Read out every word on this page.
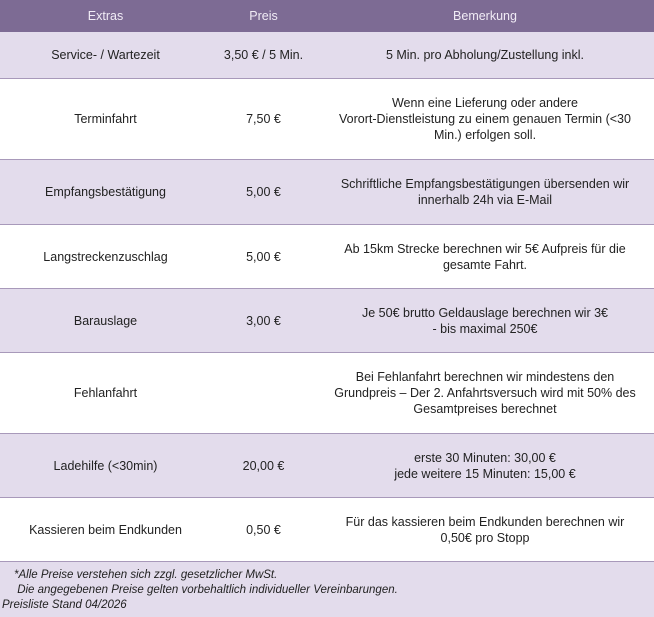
Extras	Preis	Bemerkung
Service- / Wartezeit	3,50 € / 5 Min.	5 Min. pro Abholung/Zustellung inkl.
Terminfahrt	7,50 €	Wenn eine Lieferung oder andere
Vorort-Dienstleistung zu einem genauen Termin (<30
Min.) erfolgen soll.
Empfangsbestätigung	5,00 €	Schriftliche Empfangsbestätigungen übersenden wir
innerhalb 24h via E-Mail
Langstreckenzuschlag	5,00 €	Ab 15km Strecke berechnen wir 5€ Aufpreis für die
gesamte Fahrt.
Barauslage	3,00 €	Je 50€ brutto Geldauslage berechnen wir 3€
- bis maximal 250€
Fehlanfahrt		Bei Fehlanfahrt berechnen wir mindestens den
Grundpreis – Der 2. Anfahrtsversuch wird mit 50% des
Gesamtpreises berechnet
Ladehilfe (<30min)	20,00 €	erste 30 Minuten: 30,00 €
jede weitere 15 Minuten: 15,00 €
Kassieren beim Endkunden	0,50 €	Für das kassieren beim Endkunden berechnen wir
0,50€ pro Stopp
*Alle Preise verstehen sich zzgl. gesetzlicher MwSt.
Die angegebenen Preise gelten vorbehaltlich individueller Vereinbarungen.
Preisliste Stand 04/2026
